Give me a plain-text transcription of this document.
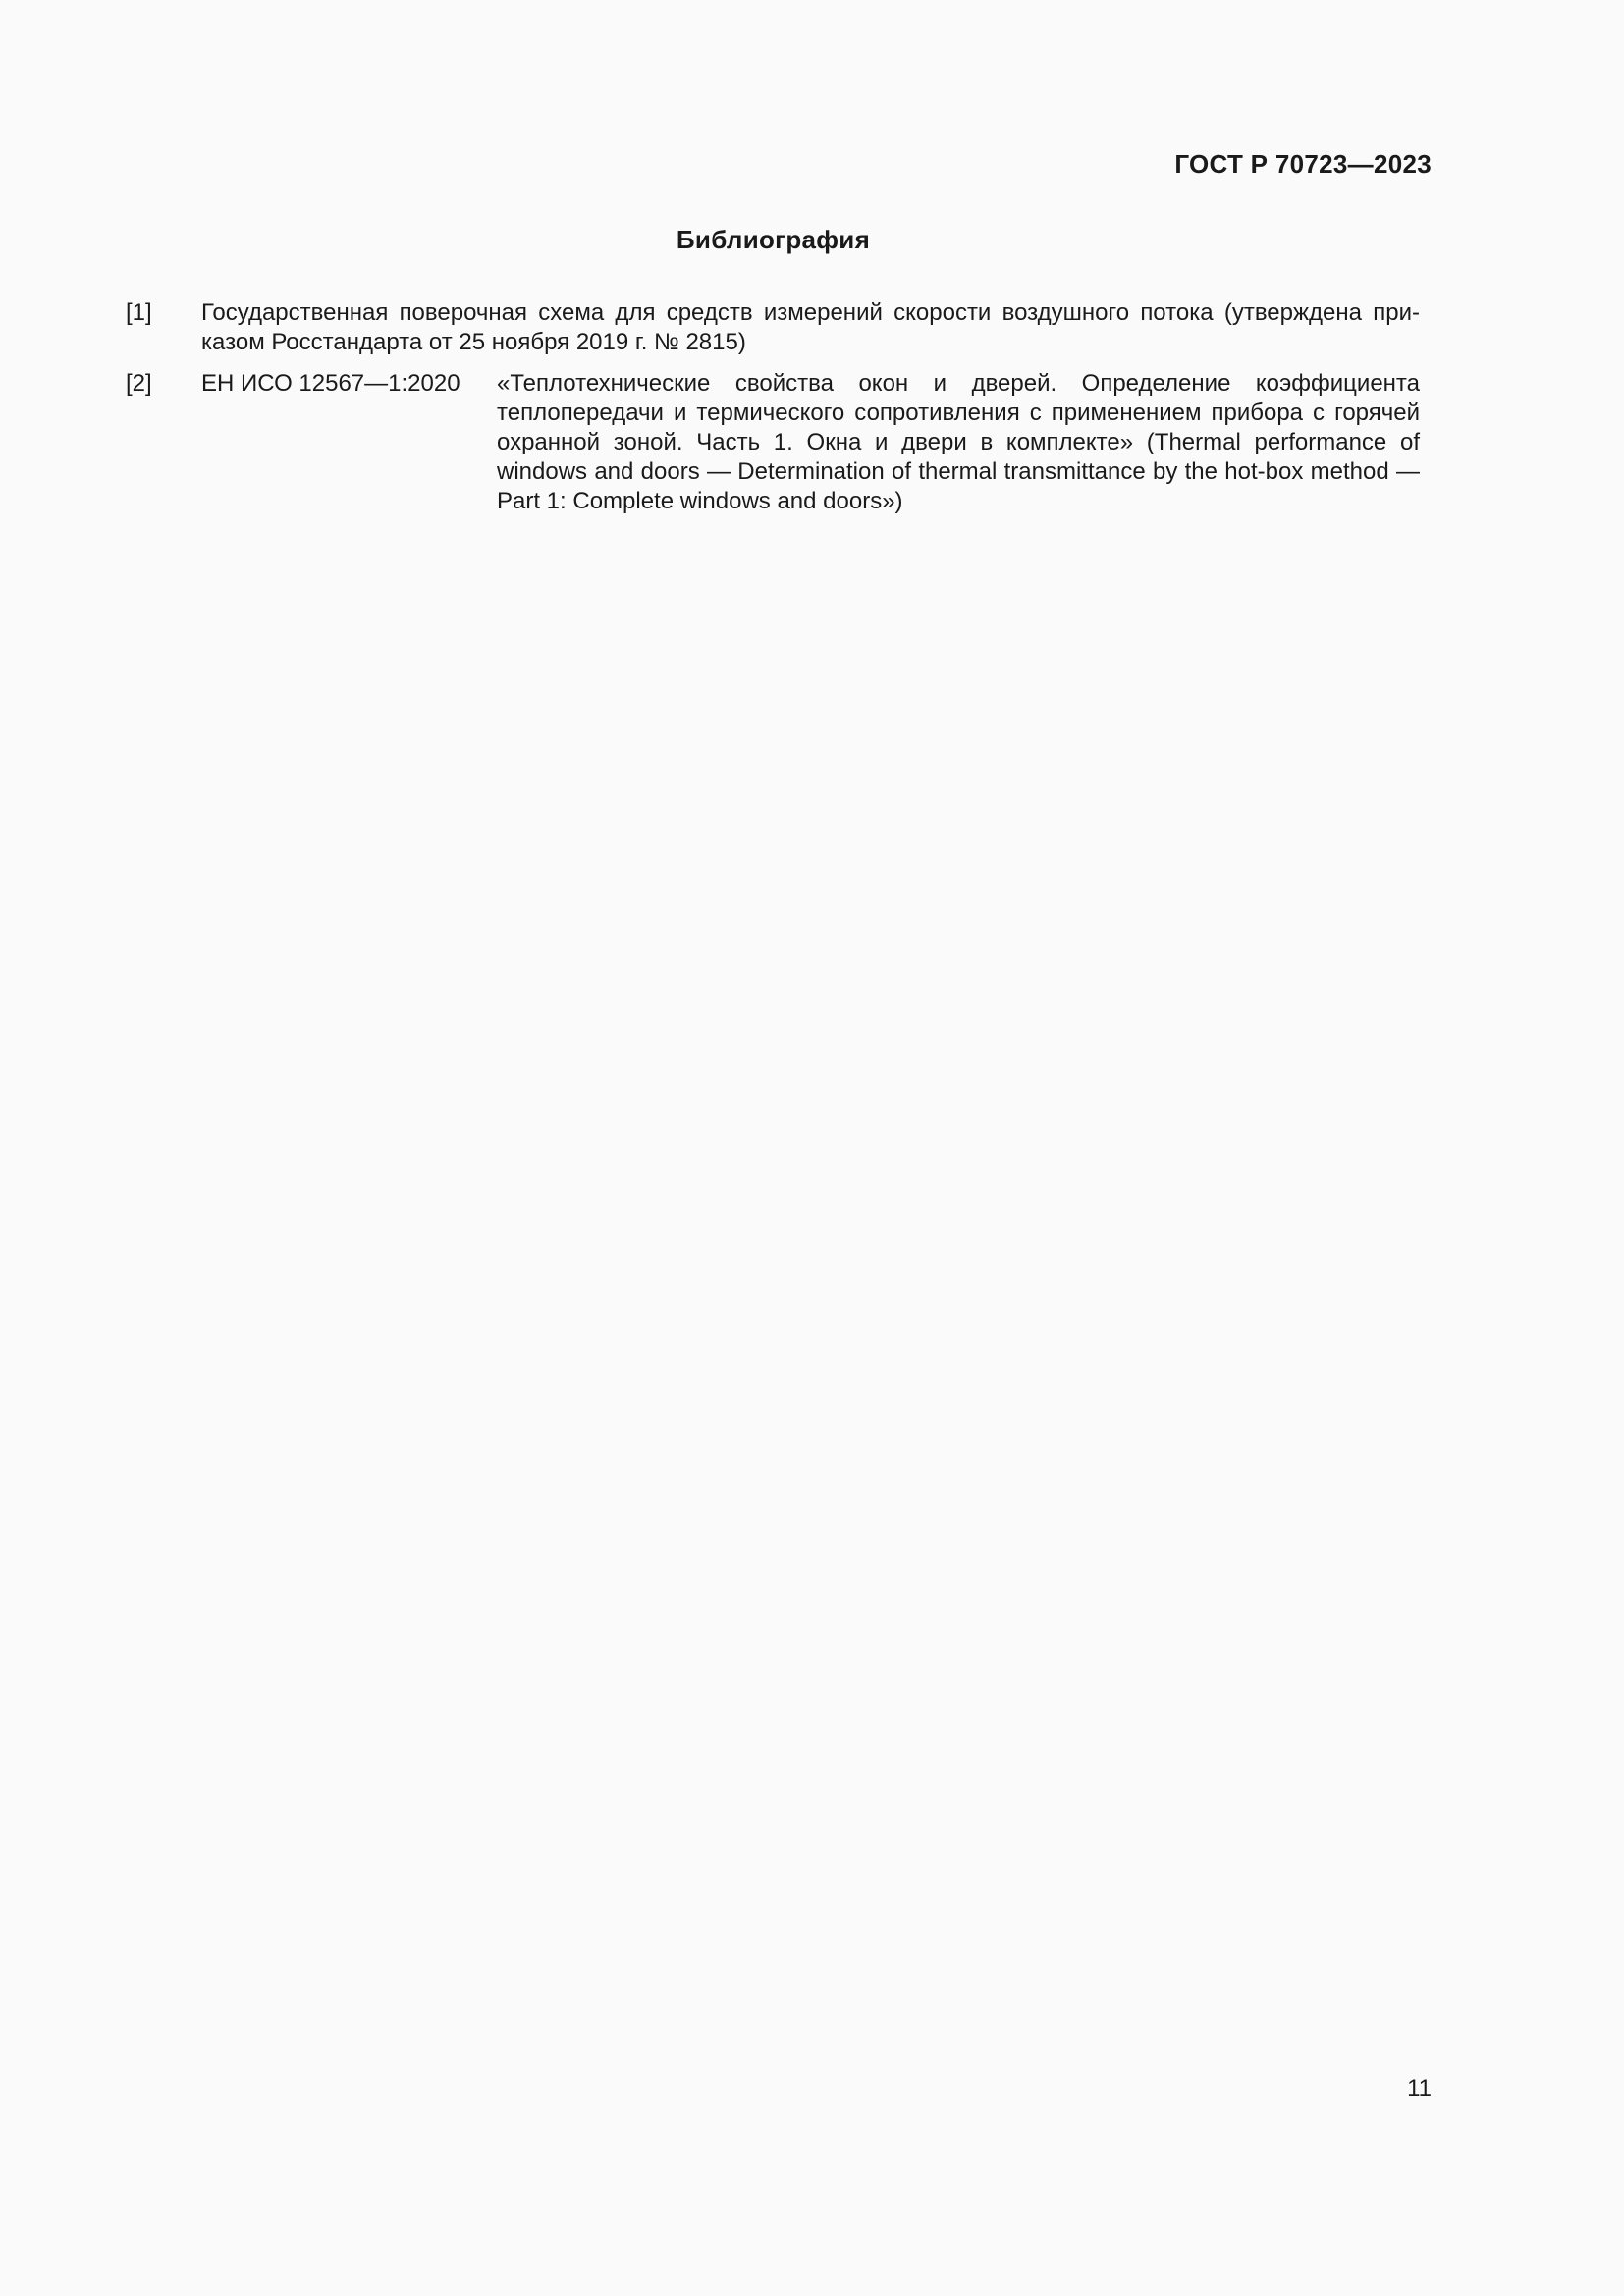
ГОСТ Р 70723—2023
Библиография
[1] Государственная поверочная схема для средств измерений скорости воздушного потока (утверждена приказом Росстандарта от 25 ноября 2019 г. № 2815)
[2] ЕН ИСО 12567—1:2020 «Теплотехнические свойства окон и дверей. Определение коэффициента теплопередачи и термического сопротивления с применением прибора с горячей охранной зоной. Часть 1. Окна и двери в комплекте» (Thermal performance of windows and doors — Determination of thermal transmittance by the hot-box method — Part 1: Complete windows and doors»)
11
